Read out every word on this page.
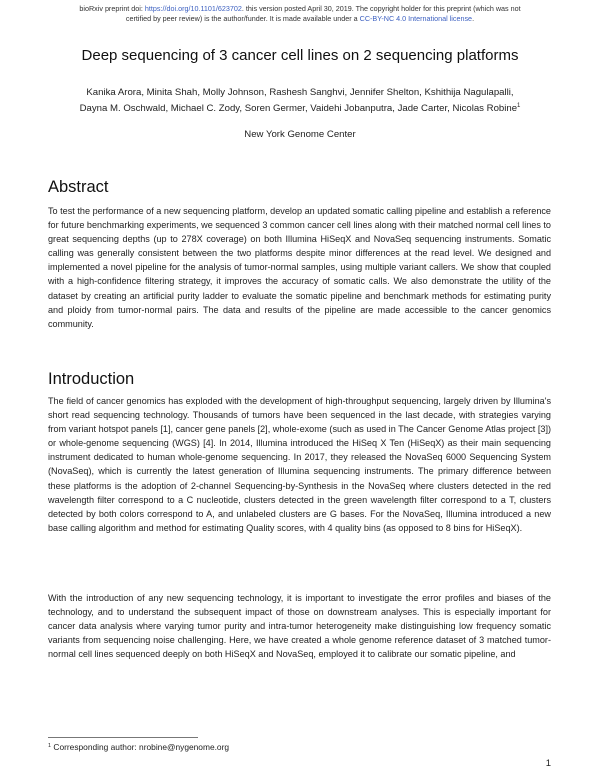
bioRxiv preprint doi: https://doi.org/10.1101/623702. this version posted April 30, 2019. The copyright holder for this preprint (which was not
certified by peer review) is the author/funder. It is made available under a CC-BY-NC 4.0 International license.
Deep sequencing of 3 cancer cell lines on 2 sequencing platforms
Kanika Arora, Minita Shah, Molly Johnson, Rashesh Sanghvi, Jennifer Shelton, Kshithija Nagulapalli,
Dayna M. Oschwald, Michael C. Zody, Soren Germer, Vaidehi Jobanputra, Jade Carter, Nicolas Robine$^1$
New York Genome Center
Abstract
To test the performance of a new sequencing platform, develop an updated somatic calling pipeline and establish a reference for future benchmarking experiments, we sequenced 3 common cancer cell lines along with their matched normal cell lines to great sequencing depths (up to 278X coverage) on both Illumina HiSeqX and NovaSeq sequencing instruments. Somatic calling was generally consistent between the two platforms despite minor differences at the read level. We designed and implemented a novel pipeline for the analysis of tumor-normal samples, using multiple variant callers. We show that coupled with a high-confidence filtering strategy, it improves the accuracy of somatic calls. We also demonstrate the utility of the dataset by creating an artificial purity ladder to evaluate the somatic pipeline and benchmark methods for estimating purity and ploidy from tumor-normal pairs. The data and results of the pipeline are made accessible to the cancer genomics community.
Introduction
The field of cancer genomics has exploded with the development of high-throughput sequencing, largely driven by Illumina's short read sequencing technology. Thousands of tumors have been sequenced in the last decade, with strategies varying from variant hotspot panels [1], cancer gene panels [2], whole-exome (such as used in The Cancer Genome Atlas project [3]) or whole-genome sequencing (WGS) [4]. In 2014, Illumina introduced the HiSeq X Ten (HiSeqX) as their main sequencing instrument dedicated to human whole-genome sequencing. In 2017, they released the NovaSeq 6000 Sequencing System (NovaSeq), which is currently the latest generation of Illumina sequencing instruments. The primary difference between these platforms is the adoption of 2-channel Sequencing-by-Synthesis in the NovaSeq where clusters detected in the red wavelength filter correspond to a C nucleotide, clusters detected in the green wavelength filter correspond to a T, clusters detected by both colors correspond to A, and unlabeled clusters are G bases. For the NovaSeq, Illumina introduced a new base calling algorithm and method for estimating Quality scores, with 4 quality bins (as opposed to 8 bins for HiSeqX).
With the introduction of any new sequencing technology, it is important to investigate the error profiles and biases of the technology, and to understand the subsequent impact of those on downstream analyses. This is especially important for cancer data analysis where varying tumor purity and intra-tumor heterogeneity make distinguishing low frequency somatic variants from sequencing noise challenging. Here, we have created a whole genome reference dataset of 3 matched tumor-normal cell lines sequenced deeply on both HiSeqX and NovaSeq, employed it to calibrate our somatic pipeline, and
$^1$ Corresponding author: nrobine@nygenome.org
1
